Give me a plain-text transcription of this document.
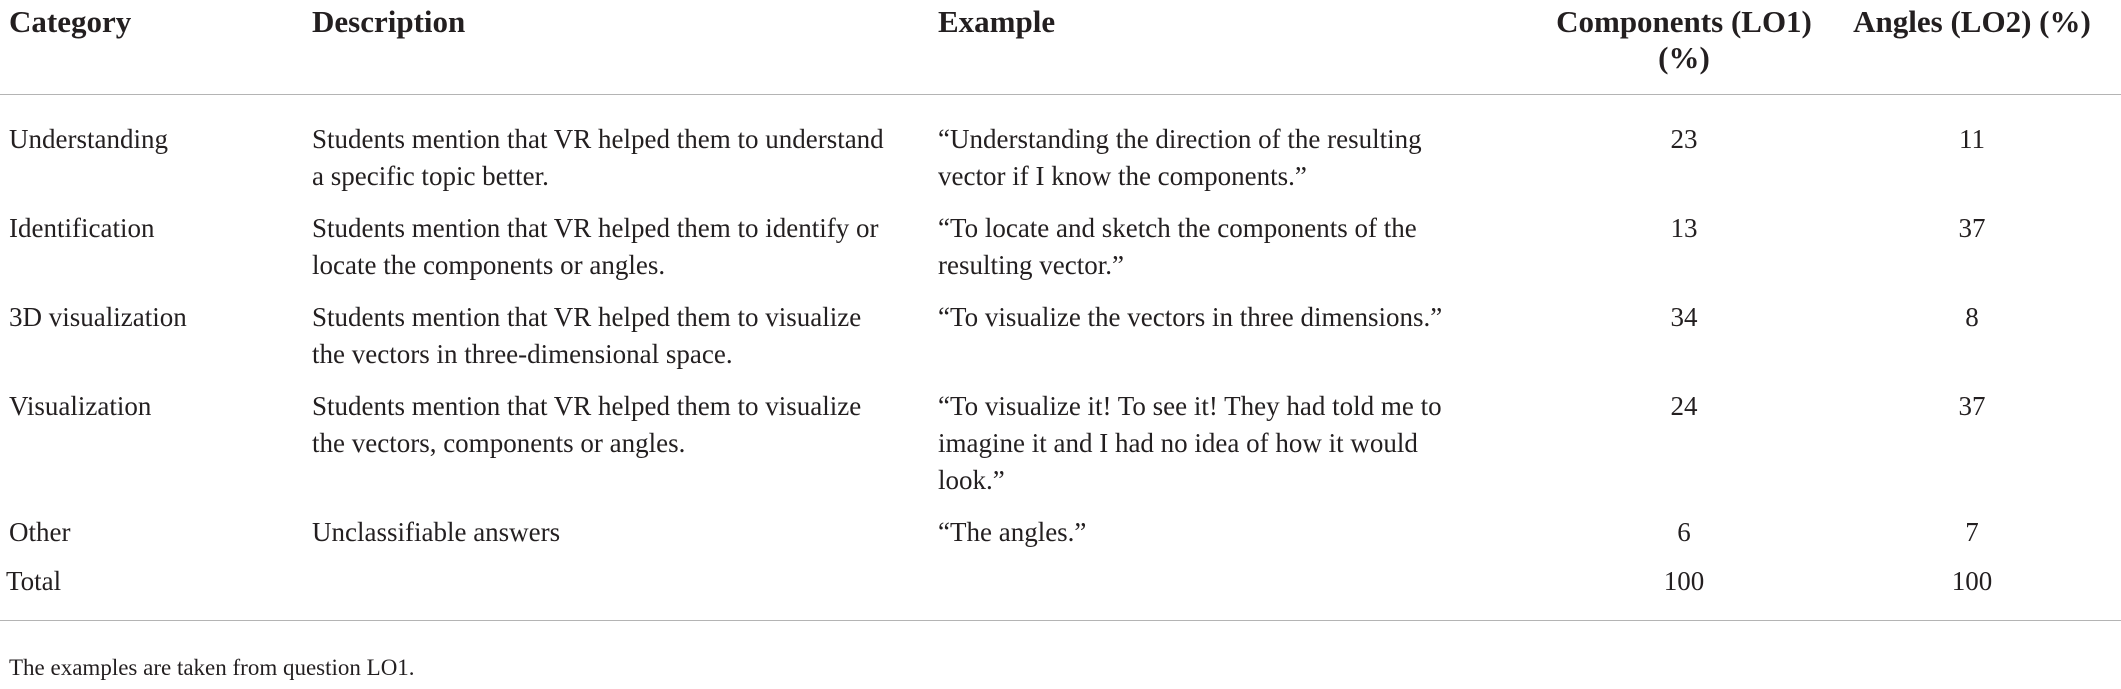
Category	Description	Example	Components (LO1) (%)	Angles (LO2) (%)
Understanding	Students mention that VR helped them to understand a specific topic better.	“Understanding the direction of the resulting vector if I know the components.”	23	11
Identification	Students mention that VR helped them to identify or locate the components or angles.	“To locate and sketch the components of the resulting vector.”	13	37
3D visualization	Students mention that VR helped them to visualize the vectors in three-dimensional space.	“To visualize the vectors in three dimensions.”	34	8
Visualization	Students mention that VR helped them to visualize the vectors, components or angles.	“To visualize it! To see it! They had told me to imagine it and I had no idea of how it would look.”	24	37
Other	Unclassifiable answers	“The angles.”	6	7
Total			100	100
The examples are taken from question LO1.
